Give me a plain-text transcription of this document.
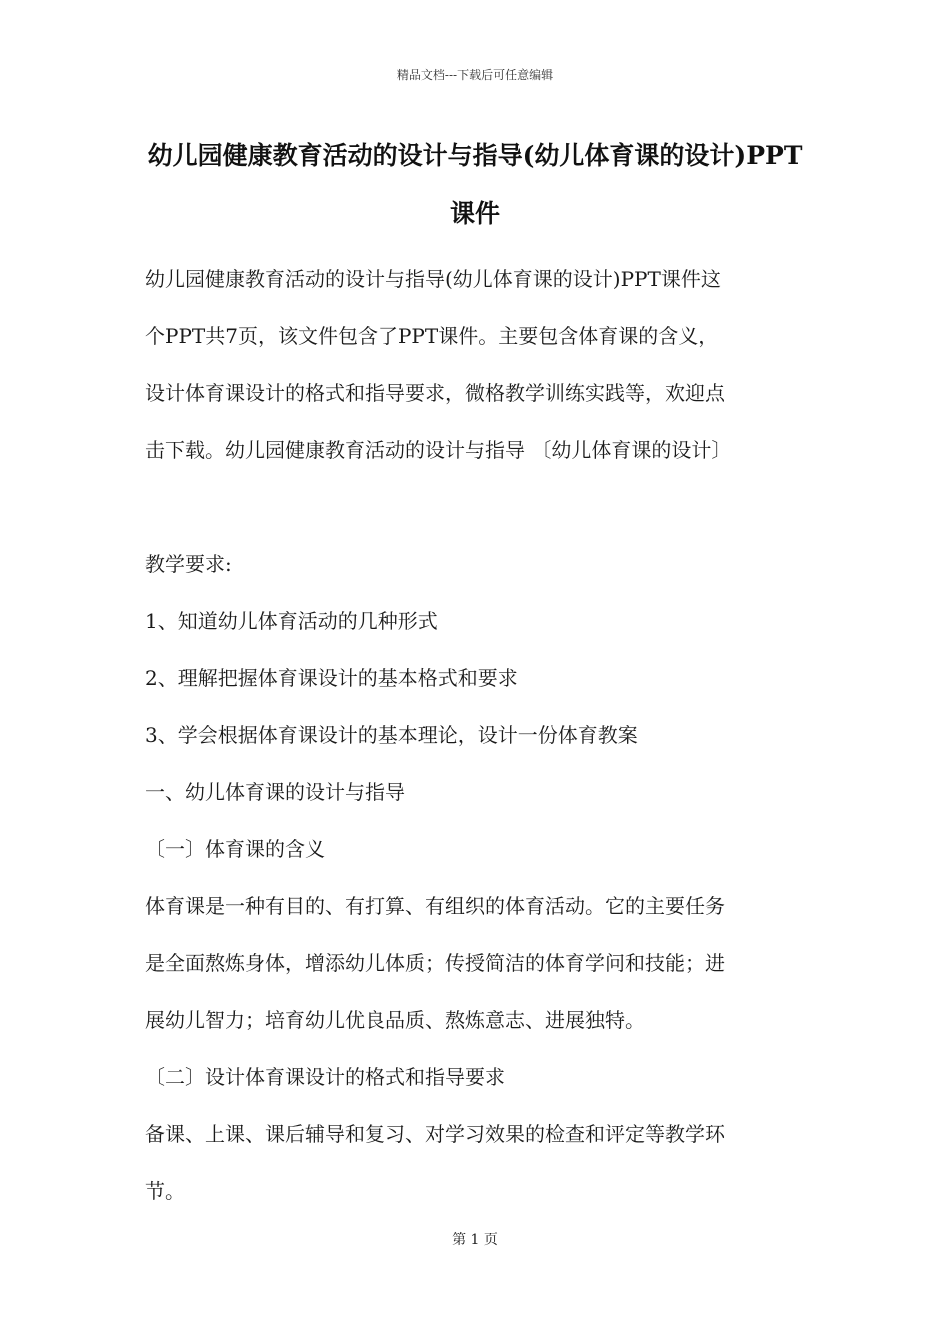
精品文档---下载后可任意编辑
幼儿园健康教育活动的设计与指导(幼儿体育课的设计)PPT
课件
幼儿园健康教育活动的设计与指导(幼儿体育课的设计)PPT课件这
个PPT共7页，该文件包含了PPT课件。主要包含体育课的含义，
设计体育课设计的格式和指导要求，微格教学训练实践等，欢迎点
击下载。幼儿园健康教育活动的设计与指导 〔幼儿体育课的设计〕
教学要求:
1、知道幼儿体育活动的几种形式
2、理解把握体育课设计的基本格式和要求
3、学会根据体育课设计的基本理论，设计一份体育教案
一、幼儿体育课的设计与指导
〔一〕体育课的含义
体育课是一种有目的、有打算、有组织的体育活动。它的主要任务
是全面熬炼身体，增添幼儿体质；传授简洁的体育学问和技能；进
展幼儿智力；培育幼儿优良品质、熬炼意志、进展独特。
〔二〕设计体育课设计的格式和指导要求
备课、上课、课后辅导和复习、对学习效果的检查和评定等教学环
节。
第 1 页
